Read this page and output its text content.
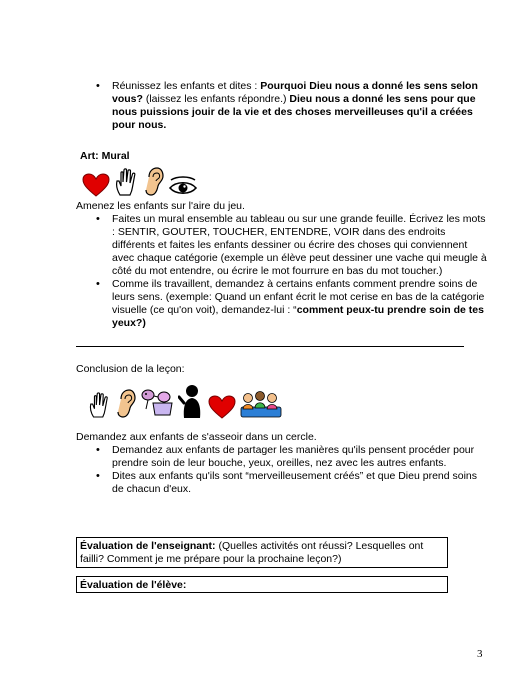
• Réunissez les enfants et dites : Pourquoi Dieu nous a donné les sens selon vous? (laissez les enfants répondre.) Dieu nous a donné les sens pour que nous puissions jouir de la vie et des choses merveilleuses qu'il a créées pour nous.
Art: Mural
Amenez les enfants sur l'aire du jeu.
• Faites un mural ensemble au tableau ou sur une grande feuille. Écrivez les mots : SENTIR, GOUTER, TOUCHER, ENTENDRE, VOIR dans des endroits différents et faites les enfants dessiner ou écrire des choses qui conviennent avec chaque catégorie (exemple un élève peut dessiner une vache qui meugle à côté du mot entendre, ou écrire le mot fourrure en bas du mot toucher.)
• Comme ils travaillent, demandez à certains enfants comment prendre soins de leurs sens. (exemple: Quand un enfant écrit le mot cerise en bas de la catégorie visuelle (ce qu'on voit), demandez-lui : “comment peux-tu prendre soin de tes yeux?)
Conclusion de la leçon:
Demandez aux enfants de s'asseoir dans un cercle.
• Demandez aux enfants de partager les manières qu'ils pensent procéder pour prendre soin de leur bouche, yeux, oreilles, nez avec les autres enfants.
• Dites aux enfants qu'ils sont “merveilleusement créés” et que Dieu prend soins de chacun d'eux.
Évaluation de l'enseignant: (Quelles activités ont réussi? Lesquelles ont failli? Comment je me prépare pour la prochaine leçon?)
Évaluation de l'élève:
3
